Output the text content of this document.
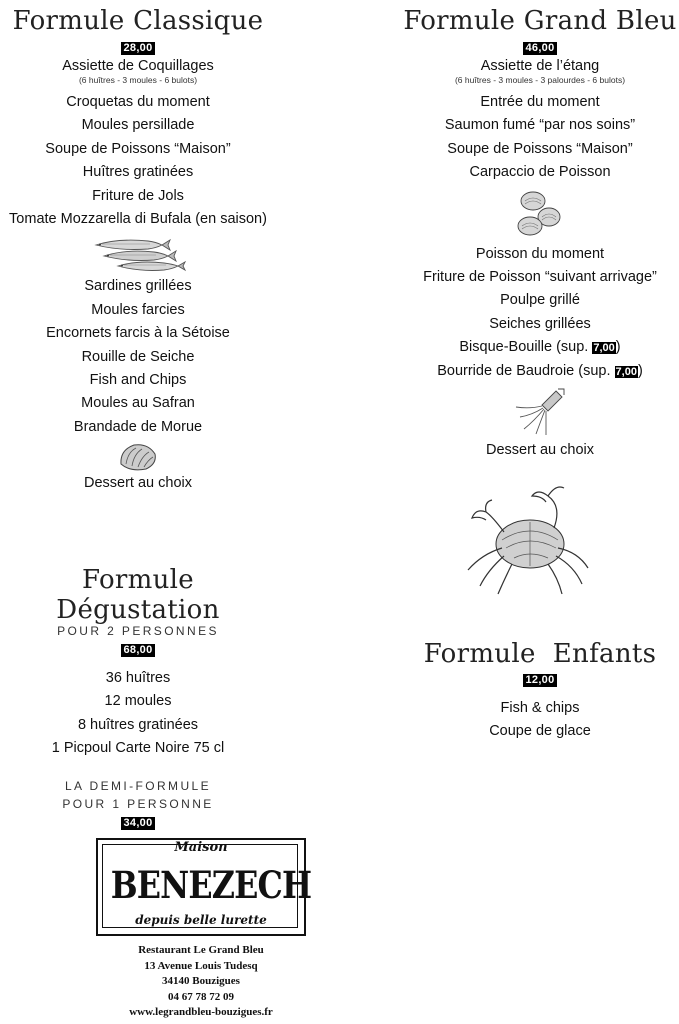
Formule Classique
28,00
Assiette de Coquillages
(6 huîtres - 3 moules - 6 bulots)
Croquetas du moment
Moules persillade
Soupe de Poissons “Maison”
Huîtres gratinées
Friture de Jols
Tomate Mozzarella di Bufala (en saison)
Sardines grillées
Moules farcies
Encornets farcis à la Sétoise
Rouille de Seiche
Fish and Chips
Moules au Safran
Brandade de Morue
Dessert au choix
Formule Grand Bleu
46,00
Assiette de l’étang
(6 huîtres - 3 moules - 3 palourdes - 6 bulots)
Entrée du moment
Saumon fumé “par nos soins”
Soupe de Poissons “Maison”
Carpaccio de Poisson
Poisson du moment
Friture de Poisson “suivant arrivage”
Poulpe grillé
Seiches grillées
Bisque-Bouille (sup. 7,00)
Bourride de Baudroie (sup. 7,00)
Dessert au choix
Formule Dégustation
POUR 2 PERSONNES
68,00
36 huîtres
12 moules
8 huîtres gratinées
1 Picpoul Carte Noire 75 cl
LA DEMI-FORMULE
POUR 1 PERSONNE
34,00
Formule  Enfants
12,00
Fish & chips
Coupe de glace
Maison
BENEZECH
depuis belle lurette
Restaurant Le Grand Bleu
13 Avenue Louis Tudesq
34140 Bouzigues
04 67 78 72 09
www.legrandbleu-bouzigues.fr
